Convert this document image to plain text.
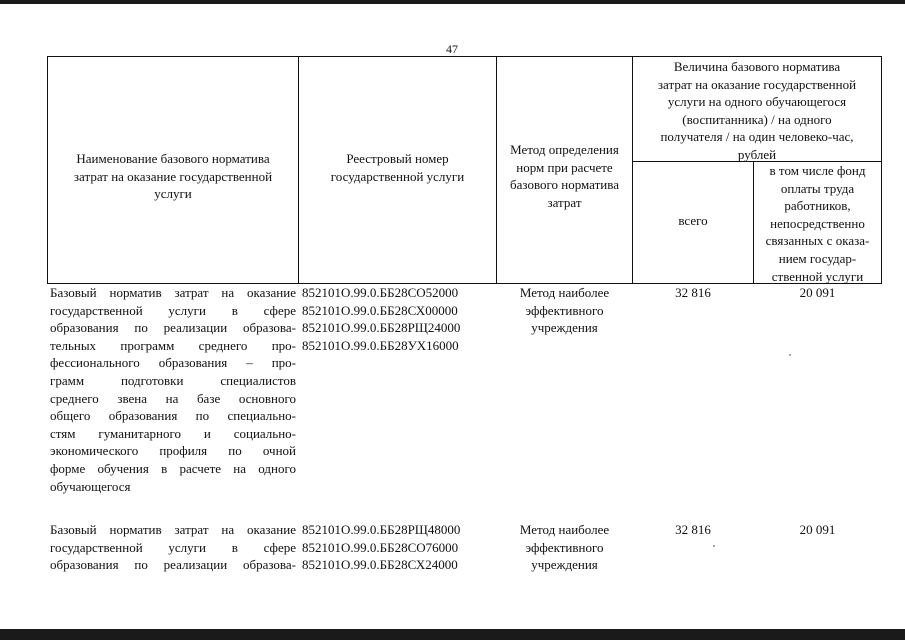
47
Наименование базового норматива
затрат на оказание государственной
услуги
Реестровый номер
государственной услуги
Метод определения
норм при расчете
базового норматива
затрат
Величина базового норматива
затрат на оказание государственной
услуги на одного обучающегося
(воспитанника) / на одного
получателя / на один человеко-час,
рублей
всего
в том числе фонд
оплаты труда
работников,
непосредственно
связанных с оказа-
нием государ-
ственной услуги
Базовый норматив затрат на оказание
государственной услуги в сфере
образования по реализации образова-
тельных программ среднего про-
фессионального образования – про-
грамм подготовки специалистов
среднего звена на базе основного
общего образования по специально-
стям гуманитарного и социально-
экономического профиля по очной
форме обучения в расчете на одного
обучающегося
852101О.99.0.ББ28СО52000
852101О.99.0.ББ28СХ00000
852101О.99.0.ББ28РЩ24000
852101О.99.0.ББ28УХ16000
Метод наиболее
эффективного
учреждения
32 816	20 091
Базовый норматив затрат на оказание
государственной услуги в сфере
образования по реализации образова-
852101О.99.0.ББ28РЩ48000
852101О.99.0.ББ28СО76000
852101О.99.0.ББ28СХ24000
Метод наиболее
эффективного
учреждения
32 816	20 091
